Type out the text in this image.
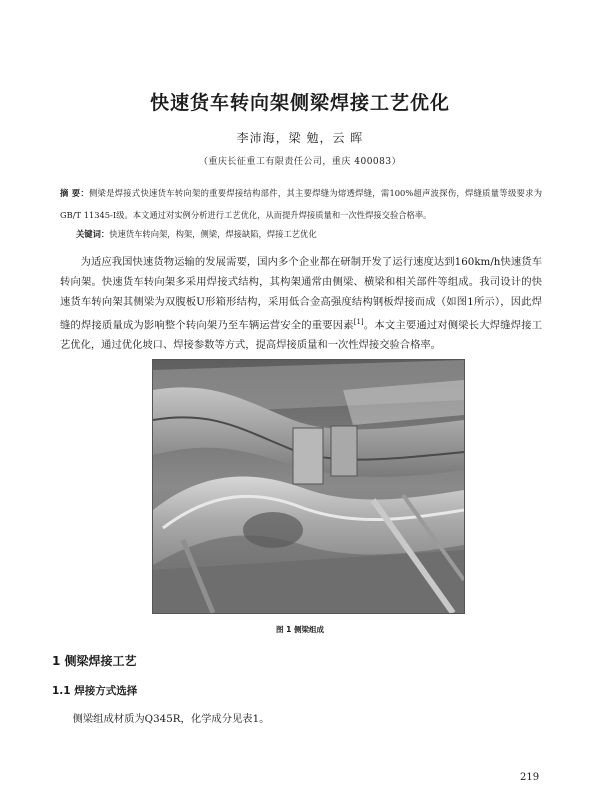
快速货车转向架侧梁焊接工艺优化
李沛海，梁 勉，云 晖
（重庆长征重工有限责任公司，重庆 400083）
摘 要：侧梁是焊接式快速货车转向架的重要焊接结构部件，其主要焊缝为熔透焊缝，需100%超声波探伤，焊缝质量等级要求为GB/T 11345-Ⅰ级。本文通过对实例分析进行工艺优化，从而提升焊接质量和一次性焊接交验合格率。
关键词：快速货车转向架，构架，侧梁，焊接缺陷，焊接工艺优化
为适应我国快速货物运输的发展需要，国内多个企业都在研制开发了运行速度达到160km/h快速货车转向架。快速货车转向架多采用焊接式结构，其构架通常由侧梁、横梁和相关部件等组成。我司设计的快速货车转向架其侧梁为双腹板U形箱形结构，采用低合金高强度结构钢板焊接而成（如图1所示），因此焊缝的焊接质量成为影响整个转向架乃至车辆运营安全的重要因素[1]。本文主要通过对侧梁长大焊缝焊接工艺优化，通过优化坡口、焊接参数等方式，提高焊接质量和一次性焊接交验合格率。
图 1 侧梁组成
1 侧梁焊接工艺
1.1 焊接方式选择
侧梁组成材质为Q345R，化学成分见表1。
219
